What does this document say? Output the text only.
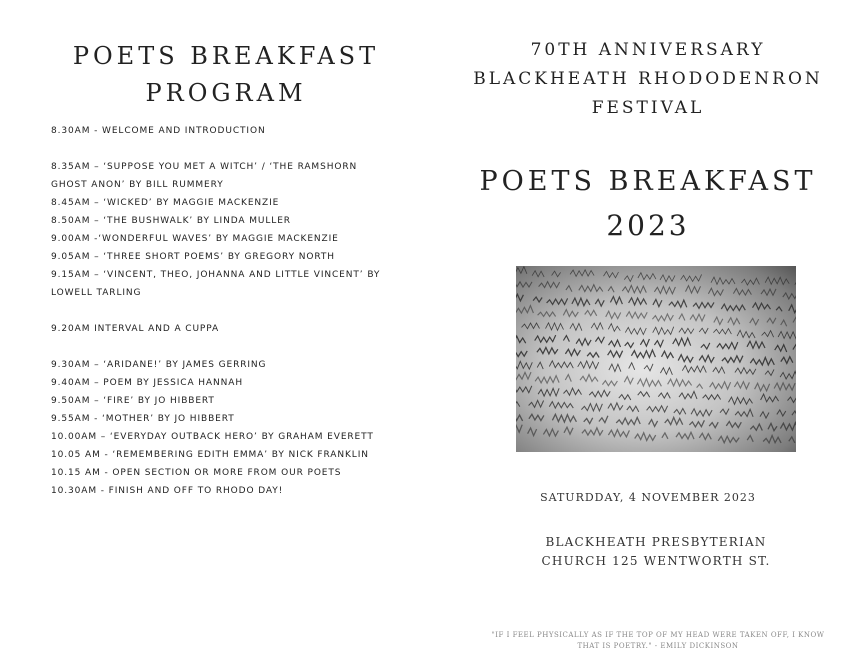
POETS BREAKFAST
PROGRAM
8.30AM - WELCOME AND INTRODUCTION
8.35AM – ‘SUPPOSE YOU MET A WITCH’ / ‘THE RAMSHORN GHOST ANON’ BY BILL RUMMERY
8.45AM – ‘WICKED’ BY MAGGIE MACKENZIE
8.50AM – ‘THE BUSHWALK’ BY LINDA MULLER
9.00AM -‘WONDERFUL WAVES’ BY MAGGIE MACKENZIE
9.05AM – ‘THREE SHORT POEMS’ BY GREGORY NORTH
9.15AM – ‘VINCENT, THEO, JOHANNA AND LITTLE VINCENT’ BY LOWELL TARLING
9.20AM INTERVAL AND A CUPPA
9.30AM – ‘ARIDANE!’ BY JAMES GERRING
9.40AM – POEM BY JESSICA HANNAH
9.50AM – ‘FIRE’ BY JO HIBBERT
9.55AM - ‘MOTHER’ BY JO HIBBERT
10.00AM – ‘EVERYDAY OUTBACK HERO’ BY GRAHAM EVERETT
10.05 AM - ‘REMEMBERING EDITH EMMA’ BY NICK FRANKLIN
10.15 AM - OPEN SECTION OR MORE FROM OUR POETS
10.30AM - FINISH AND OFF TO RHODO DAY!
70TH ANNIVERSARY
BLACKHEATH RHODODENRON
FESTIVAL
POETS BREAKFAST
2023
SATURDDAY, 4 NOVEMBER 2023
BLACKHEATH PRESBYTERIAN
CHURCH 125 WENTWORTH ST.
"IF I FEEL PHYSICALLY AS IF THE TOP OF MY HEAD WERE TAKEN OFF, I KNOW
THAT IS POETRY." - EMILY DICKINSON
